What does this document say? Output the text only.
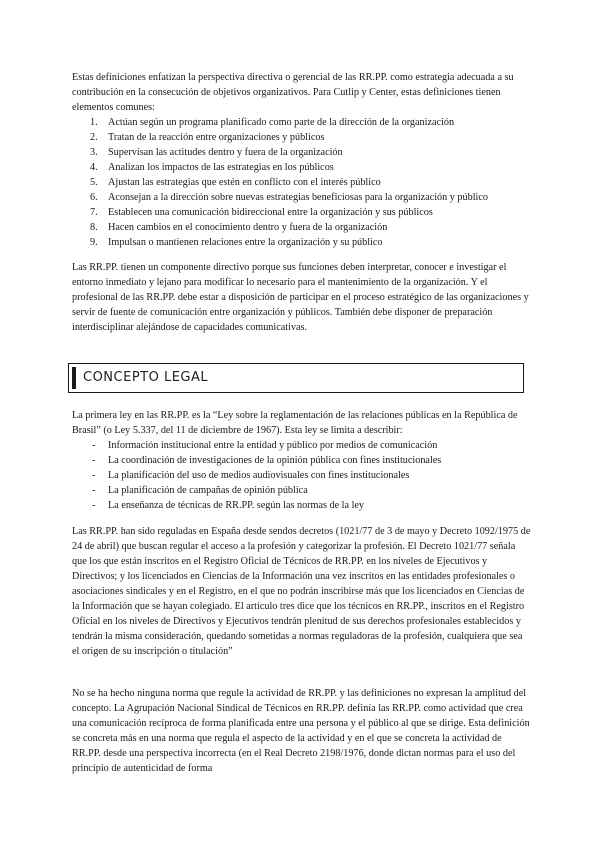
Estas definiciones enfatizan la perspectiva directiva o gerencial de las RR.PP. como estrategia adecuada a su contribución en la consecución de objetivos organizativos. Para Cutlip y Center, estas definiciones tienen elementos comunes:

1. Actúan según un programa planificado como parte de la dirección de la organización
2. Tratan de la reacción entre organizaciones y públicos
3. Supervisan las actitudes dentro y fuera de la organización
4. Analizan los impactos de las estrategias en los públicos
5. Ajustan las estrategias que estén en conflicto con el interés público
6. Aconsejan a la dirección sobre nuevas estrategias beneficiosas para la organización y público
7. Establecen una comunicación bidireccional entre la organización y sus públicos
8. Hacen cambios en el conocimiento dentro y fuera de la organización
9. Impulsan o mantienen relaciones entre la organización y su público

Las RR.PP. tienen un componente directivo porque sus funciones deben interpretar, conocer e investigar el entorno inmediato y lejano para modificar lo necesario para el mantenimiento de la organización. Y el profesional de las RR.PP. debe estar a disposición de participar en el proceso estratégico de las organizaciones y servir de fuente de comunicación entre organización y públicos. También debe disponer de preparación interdisciplinar alejándose de capacidades comunicativas.

CONCEPTO LEGAL

La primera ley en las RR.PP. es la “Ley sobre la reglamentación de las relaciones públicas en la República de Brasil” (o Ley 5.337, del 11 de diciembre de 1967). Esta ley se limita a describir:

- Información institucional entre la entidad y público por medios de comunicación
- La coordinación de investigaciones de la opinión pública con fines institucionales
- La planificación del uso de medios audiovisuales con fines institucionales
- La planificación de campañas de opinión pública
- La enseñanza de técnicas de RR.PP. según las normas de la ley

Las RR.PP. han sido reguladas en España desde sendos decretos (1021/77 de 3 de mayo y Decreto 1092/1975 de 24 de abril) que buscan regular el acceso a la profesión y categorizar la profesión. El Decreto 1021/77 señala que los que están inscritos en el Registro Oficial de Técnicos de RR.PP. en los niveles de Ejecutivos y Directivos; y los licenciados en Ciencias de la Información una vez inscritos en las entidades profesionales o asociaciones sindicales y en el Registro, en el que no podrán inscribirse más que los licenciados en Ciencias de la Información que se hayan colegiado. El artículo tres dice que los técnicos en RR.PP., inscritos en el Registro Oficial en los niveles de Directivos y Ejecutivos tendrán plenitud de sus derechos profesionales establecidos y tendrán la misma consideración, quedando sometidas a normas reguladoras de la profesión, cualquiera que sea el origen de su inscripción o titulación”

No se ha hecho ninguna norma que regule la actividad de RR.PP. y las definiciones no expresan la amplitud del concepto. La Agrupación Nacional Sindical de Técnicos en RR.PP. definía las RR.PP. como actividad que crea una comunicación recíproca de forma planificada entre una persona y el público al que se dirige. Esta definición se concreta más en una norma que regula el aspecto de la actividad y en el que se concreta la actividad de RR.PP. desde una perspectiva incorrecta (en el Real Decreto 2198/1976, donde dictan normas para el uso del principio de autenticidad de forma
